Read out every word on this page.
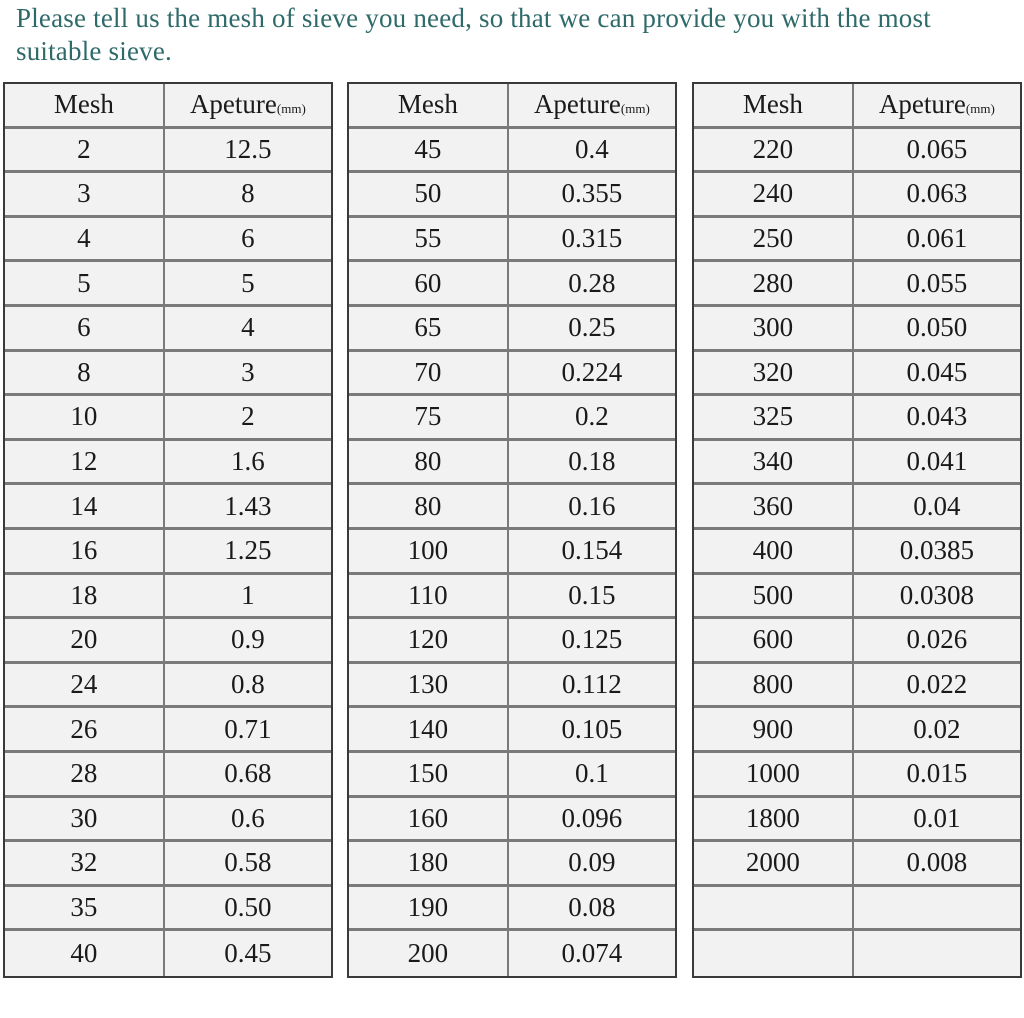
Please tell us the mesh of sieve you need, so that we can provide you with the most suitable sieve.

Mesh	Apeture(mm)
2	12.5
3	8
4	6
5	5
6	4
8	3
10	2
12	1.6
14	1.43
16	1.25
18	1
20	0.9
24	0.8
26	0.71
28	0.68
30	0.6
32	0.58
35	0.50
40	0.45
Mesh	Apeture(mm)
45	0.4
50	0.355
55	0.315
60	0.28
65	0.25
70	0.224
75	0.2
80	0.18
80	0.16
100	0.154
110	0.15
120	0.125
130	0.112
140	0.105
150	0.1
160	0.096
180	0.09
190	0.08
200	0.074
Mesh	Apeture(mm)
220	0.065
240	0.063
250	0.061
280	0.055
300	0.050
320	0.045
325	0.043
340	0.041
360	0.04
400	0.0385
500	0.0308
600	0.026
800	0.022
900	0.02
1000	0.015
1800	0.01
2000	0.008
